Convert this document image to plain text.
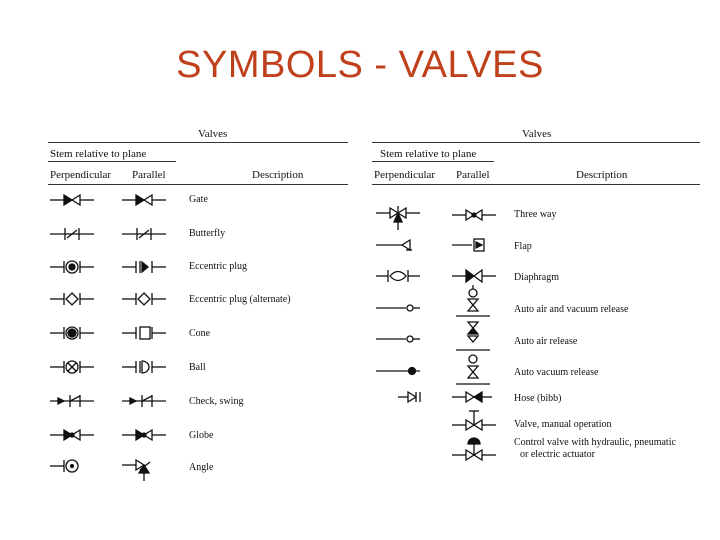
SYMBOLS - VALVES
Valves
Stem relative to plane
Perpendicular Parallel	Description
Gate
Butterfly
Eccentric plug
Eccentric plug (alternate)
Cone
Ball
Check, swing
Globe
Angle
Valves
Stem relative to plane
Perpendicular Parallel	Description
Three way
Flap
Diaphragm
Auto air and vacuum release
Auto air release
Auto vacuum release
Hose (bibb)
Valve, manual operation
Control valve with hydraulic, pneumatic
or electric actuator
